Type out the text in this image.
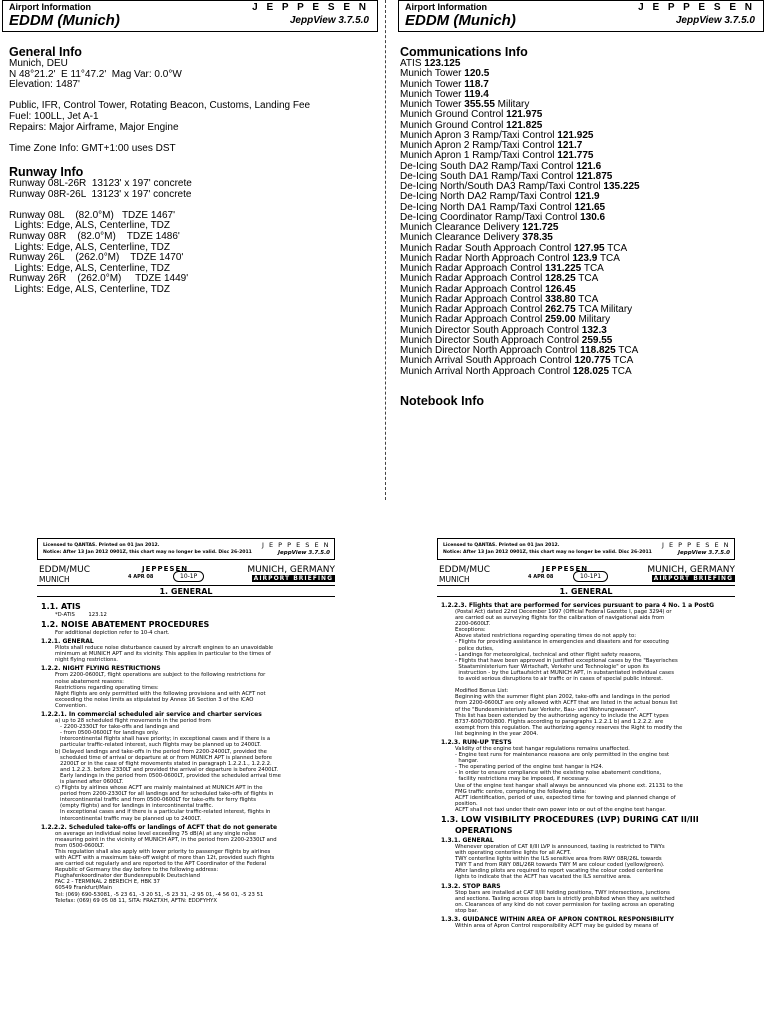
Airport Information
EDDM (Munich)
J E P P E S E N
JeppView 3.7.5.0
General Info

Munich, DEU

N 48°21.2'  E 11°47.2'  Mag Var: 0.0°W

Elevation: 1487'

Public, IFR, Control Tower, Rotating Beacon, Customs, Landing Fee

Fuel: 100LL, Jet A-1

Repairs: Major Airframe, Major Engine

Time Zone Info: GMT+1:00 uses DST

Runway Info

Runway 08L-26R  13123' x 197' concrete

Runway 08R-26L  13123' x 197' concrete

Runway 08L    (82.0°M)   TDZE 1467'

Lights: Edge, ALS, Centerline, TDZ

Runway 08R    (82.0°M)    TDZE 1486'

Lights: Edge, ALS, Centerline, TDZ

Runway 26L    (262.0°M)    TDZE 1470'

Lights: Edge, ALS, Centerline, TDZ

Runway 26R    (262.0°M)     TDZE 1449'

Lights: Edge, ALS, Centerline, TDZ

Airport Information
EDDM (Munich)
J E P P E S E N
JeppView 3.7.5.0
Communications Info

ATIS 123.125

Munich Tower 120.5

Munich Tower 118.7

Munich Tower 119.4

Munich Tower 355.55 Military

Munich Ground Control 121.975

Munich Ground Control 121.825

Munich Apron 3 Ramp/Taxi Control 121.925

Munich Apron 2 Ramp/Taxi Control 121.7

Munich Apron 1 Ramp/Taxi Control 121.775

De-Icing South DA2 Ramp/Taxi Control 121.6

De-Icing South DA1 Ramp/Taxi Control 121.875

De-Icing North/South DA3 Ramp/Taxi Control 135.225

De-Icing North DA2 Ramp/Taxi Control 121.9

De-Icing North DA1 Ramp/Taxi Control 121.65

De-Icing Coordinator Ramp/Taxi Control 130.6

Munich Clearance Delivery 121.725

Munich Clearance Delivery 378.35

Munich Radar South Approach Control 127.95 TCA

Munich Radar North Approach Control 123.9 TCA

Munich Radar Approach Control 131.225 TCA

Munich Radar Approach Control 128.25 TCA

Munich Radar Approach Control 126.45

Munich Radar Approach Control 338.80 TCA

Munich Radar Approach Control 262.75 TCA Military

Munich Radar Approach Control 259.00 Military

Munich Director South Approach Control 132.3

Munich Director South Approach Control 259.55

Munich Director North Approach Control 118.825 TCA

Munich Arrival South Approach Control 120.775 TCA

Munich Arrival North Approach Control 128.025 TCA

Notebook Info
Licensed to QANTAS. Printed on 01 Jan 2012.
Notice: After 13 Jan 2012 0901Z, this chart may no longer be valid. Disc 26-2011
J E P P E S E N
JeppView 3.7.5.0
EDDM/MUC
MUNICH
JEPPESEN
4 APR 08	10-1P
MUNICH, GERMANY
AIRPORT BRIEFING
1. GENERAL
1.1. ATIS

*D-ATIS        123.12

1.2. NOISE ABATEMENT PROCEDURES

For additional depiction refer to 10-4 chart.

1.2.1. GENERAL

Pilots shall reduce noise disturbance caused by aircraft engines to an unavoidable
minimum at MUNICH APT and its vicinity. This applies in particular to the times of
night flying restrictions.

1.2.2. NIGHT FLYING RESTRICTIONS

From 2200-0600LT, flight operations are subject to the following restrictions for
noise abatement reasons:
Restrictions regarding operating times:
Night flights are only permitted with the following provisions and with ACFT not
exceeding the noise limits as stipulated by Annex 16 Section 3 of the ICAO
Convention.

1.2.2.1. In commercial scheduled air service and charter services

a) up to 28 scheduled flight movements in the period from
- 2200-2330LT for take-offs and landings and
- from 0500-0600LT for landings only.
Intercontinental flights shall have priority; in exceptional cases and if there is a
particular traffic-related interest, such flights may be planned up to 2400LT.
b) Delayed landings and take-offs in the period from 2200-2400LT, provided the
scheduled time of arrival or departure at or from MUNICH APT is planned before
2200LT or in the case of flight movements stated in paragraph 1.2.2.1., 1.2.2.2.
and 1.2.2.3. before 2330LT and provided the arrival or departure is before 2400LT.
Early landings in the period from 0500-0600LT, provided the scheduled arrival time
is planned after 0600LT.
c) Flights by airlines whose ACFT are mainly maintained at MUNICH APT in the
period from 2200-2330LT for all landings and for scheduled take-offs of flights in
intercontinental traffic and from 0500-0600LT for take-offs for ferry flights
(empty flights) and for landings in intercontinental traffic.
In exceptional cases and if there is a particular traffic-related interest, flights in
intercontinental traffic may be planned up to 2400LT.

1.2.2.2. Scheduled take-offs or landings of ACFT that do not generate

on average an individual noise level exceeding 75 dB(A) at any single noise
measuring point in the vicinity of MUNICH APT, in the period from 2200-2330LT and
from 0500-0600LT.
This regulation shall also apply with lower priority to passenger flights by airlines
with ACFT with a maximum take-off weight of more than 12t, provided such flights
are carried out regularly and are reported to the APT Coordinator of the Federal
Republic of Germany the day before to the following address:
Flughafenkoordinator der Bundesrepublik Deutschland
FAC 2 - TERMINAL 2 BEREICH E, HBK 37
60549 Frankfurt/Main
Tel: (069) 690-53081, -5 23 61, -3 20 51, -5 23 31, -2 95 01, -4 56 01, -5 23 51
Telefax: (069) 69 05 08 11, SITA: FRAZTXH, AFTN: EDDFYHYX

Licensed to QANTAS. Printed on 01 Jan 2012.
Notice: After 13 Jan 2012 0901Z, this chart may no longer be valid. Disc 26-2011
J E P P E S E N
JeppView 3.7.5.0
EDDM/MUC
MUNICH
JEPPESEN
4 APR 08	10-1P1
MUNICH, GERMANY
AIRPORT BRIEFING
1. GENERAL
1.2.2.3. Flights that are performed for services pursuant to para 4 No. 1 a PostG

(Postal Act) dated 22nd December 1997 (Official Federal Gazette I, page 3294) or
are carried out as surveying flights for the calibration of navigational aids from
2200-0600LT.
Exceptions:
Above stated restrictions regarding operating times do not apply to:
- Flights for providing assistance in emergencies and disasters and for executing
police duties,
- Landings for meteorolgical, technical and other flight safety reasons,
- Flights that have been approved in justified exceptional cases by the "Bayerisches
Staatsministerium fuer Wirtschaft, Verkehr und Technologie" or upon its
instruction - by the Luftaufsicht at MUNICH APT, in substantiated individual cases
to avoid serious disruptions to air traffic or in cases of special public interest.

Modified Bonus List:
Beginning with the summer flight plan 2002, take-offs and landings in the period
from 2200-0600LT are only allowed with ACFT that are listed in the actual bonus list
of the "Bundesministerium fuer Verkehr, Bau- und Wohnungswesen".
This list has been extended by the authorizing agency to include the ACFT types
B737-600/700/800. Flights according to paragraphs 1.2.2.1 b) and 1.2.2.2. are
exempt from this regulation. The authorizing agency reserves the Right to modify the
list beginning in the year 2004.

1.2.3. RUN-UP TESTS

Validity of the engine test hangar regulations remains unaffected.
- Engine test runs for maintenance reasons are only permitted in the engine test
hangar.
- The operating period of the engine test hangar is H24.
- In order to ensure compliance with the existing noise abatement conditions,
facility restrictions may be imposed, if necessary.
Use of the engine test hangar shall always be announced via phone ext. 21131 to the
FMG traffic centre, comprising the following data:
ACFT identification, period of use, expected time for towing and planned change of
position.
ACFT shall not taxi under their own power into or out of the engine test hangar.

1.3. LOW VISIBILITY PROCEDURES (LVP) DURING CAT II/III
OPERATIONS
1.3.1. GENERAL

Whenever operation of CAT II/III LVP is announced, taxiing is restricted to TWYs
with operating centerline lights for all ACFT.
TWY centerline lights within the ILS sensitive area from RWY 08R/26L towards
TWY T and from RWY 08L/26R towards TWY M are colour coded (yellow/green).
After landing pilots are required to report vacating the colour coded centerline
lights to indicate that the ACFT has vacated the ILS sensitive area.

1.3.2. STOP BARS

Stop bars are installed at CAT II/III holding positions, TWY intersections, junctions
and sections. Taxiing across stop bars is strictly prohibited when they are switched
on. Clearances of any kind do not cover permission for taxiing across an operating
stop bar.

1.3.3. GUIDANCE WITHIN AREA OF APRON CONTROL RESPONSIBILITY

Within area of Apron Control responsibility ACFT may be guided by means of
